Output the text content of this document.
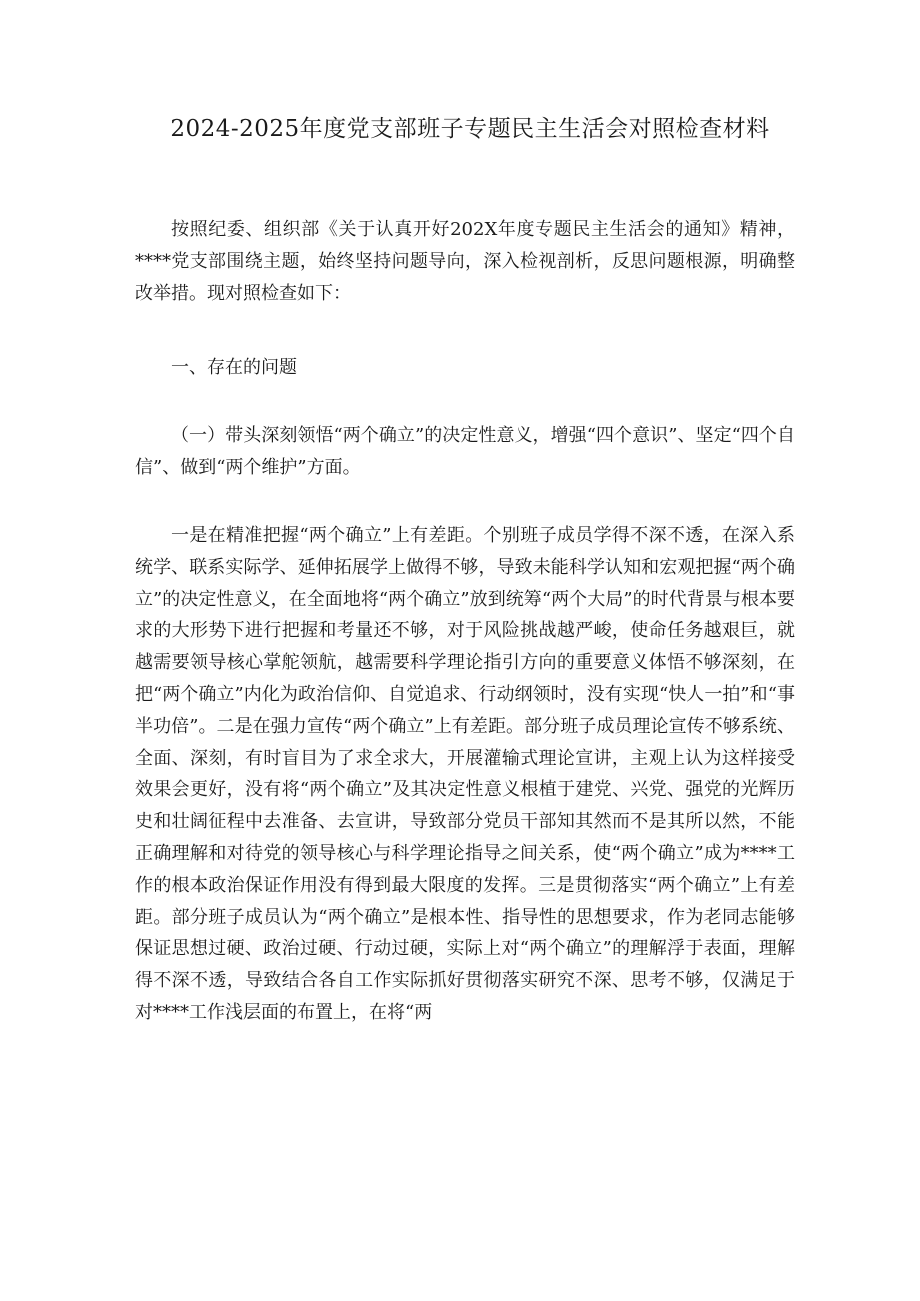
2024-2025年度党支部班子专题民主生活会对照检查材料

按照纪委、组织部《关于认真开好202X年度专题民主生活会的通知》精神，****党支部围绕主题，始终坚持问题导向，深入检视剖析，反思问题根源，明确整改举措。现对照检查如下：

一、存在的问题

（一）带头深刻领悟“两个确立”的决定性意义，增强“四个意识”、坚定“四个自信”、做到“两个维护”方面。

一是在精准把握“两个确立”上有差距。个别班子成员学得不深不透，在深入系统学、联系实际学、延伸拓展学上做得不够，导致未能科学认知和宏观把握“两个确立”的决定性意义，在全面地将“两个确立”放到统筹“两个大局”的时代背景与根本要求的大形势下进行把握和考量还不够，对于风险挑战越严峻，使命任务越艰巨，就越需要领导核心掌舵领航，越需要科学理论指引方向的重要意义体悟不够深刻，在把“两个确立”内化为政治信仰、自觉追求、行动纲领时，没有实现“快人一拍”和“事半功倍”。二是在强力宣传“两个确立”上有差距。部分班子成员理论宣传不够系统、全面、深刻，有时盲目为了求全求大，开展灌输式理论宣讲，主观上认为这样接受效果会更好，没有将“两个确立”及其决定性意义根植于建党、兴党、强党的光辉历史和壮阔征程中去准备、去宣讲，导致部分党员干部知其然而不是其所以然，不能正确理解和对待党的领导核心与科学理论指导之间关系，使“两个确立”成为****工作的根本政治保证作用没有得到最大限度的发挥。三是贯彻落实“两个确立”上有差距。部分班子成员认为“两个确立”是根本性、指导性的思想要求，作为老同志能够保证思想过硬、政治过硬、行动过硬，实际上对“两个确立”的理解浮于表面，理解得不深不透，导致结合各自工作实际抓好贯彻落实研究不深、思考不够，仅满足于对****工作浅层面的布置上，在将“两
